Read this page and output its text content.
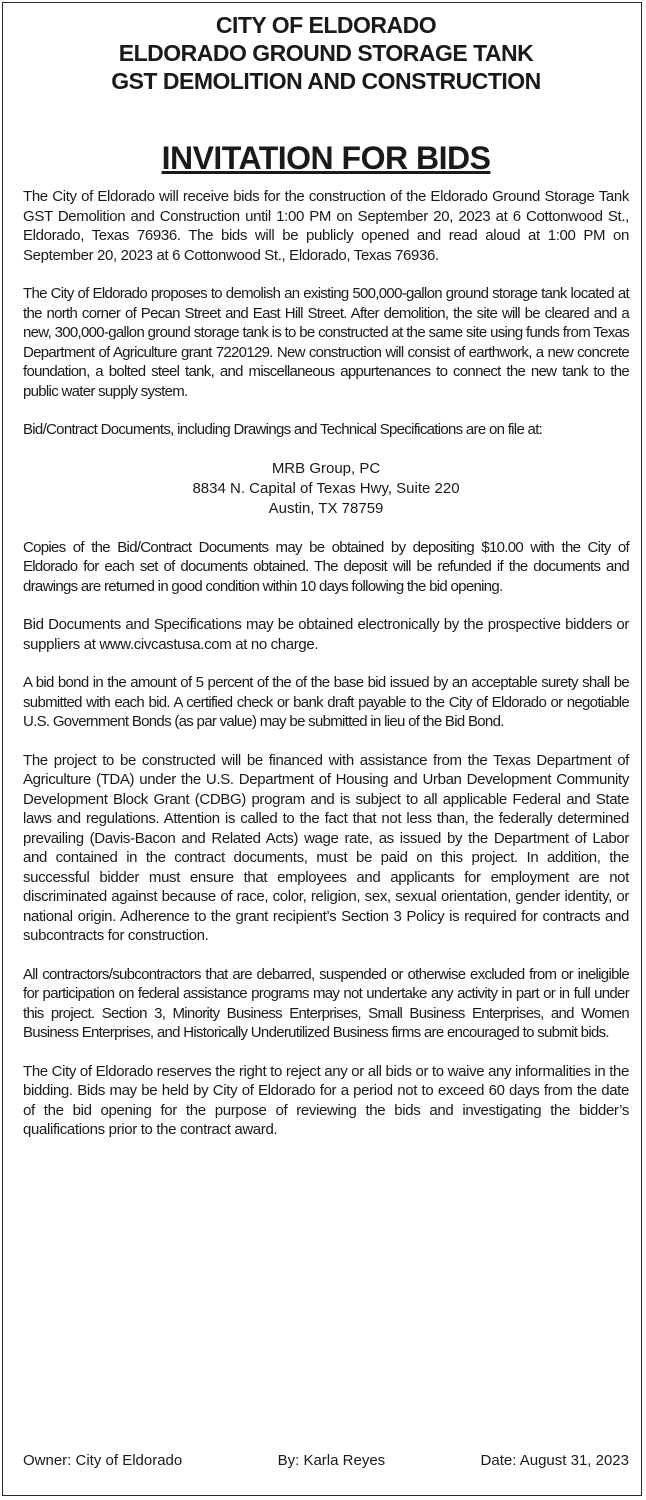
CITY OF ELDORADO
ELDORADO GROUND STORAGE TANK
GST DEMOLITION AND CONSTRUCTION
INVITATION FOR BIDS

The City of Eldorado will receive bids for the construction of the Eldorado Ground Storage Tank GST Demolition and Construction until 1:00 PM on September 20, 2023 at 6 Cottonwood St., Eldorado, Texas 76936. The bids will be publicly opened and read aloud at 1:00 PM on September 20, 2023 at 6 Cottonwood St., Eldorado, Texas 76936.

The City of Eldorado proposes to demolish an existing 500,000-gallon ground storage tank located at the north corner of Pecan Street and East Hill Street. After demolition, the site will be cleared and a new, 300,000-gallon ground storage tank is to be constructed at the same site using funds from Texas Department of Agriculture grant 7220129. New construction will consist of earthwork, a new concrete foundation, a bolted steel tank, and miscellaneous appurtenances to connect the new tank to the public water supply system.

Bid/Contract Documents, including Drawings and Technical Specifications are on file at:

MRB Group, PC
8834 N. Capital of Texas Hwy, Suite 220
Austin, TX 78759

Copies of the Bid/Contract Documents may be obtained by depositing $10.00 with the City of Eldorado for each set of documents obtained. The deposit will be refunded if the documents and drawings are returned in good condition within 10 days following the bid opening.

Bid Documents and Specifications may be obtained electronically by the prospective bidders or suppliers at www.civcastusa.com at no charge.

A bid bond in the amount of 5 percent of the of the base bid issued by an acceptable surety shall be submitted with each bid. A certified check or bank draft payable to the City of Eldorado or negotiable U.S. Government Bonds (as par value) may be submitted in lieu of the Bid Bond.

The project to be constructed will be financed with assistance from the Texas Department of Agriculture (TDA) under the U.S. Department of Housing and Urban Development Community Development Block Grant (CDBG) program and is subject to all applicable Federal and State laws and regulations. Attention is called to the fact that not less than, the federally determined prevailing (Davis-Bacon and Related Acts) wage rate, as issued by the Department of Labor and contained in the contract documents, must be paid on this project. In addition, the successful bidder must ensure that employees and applicants for employment are not discriminated against because of race, color, religion, sex, sexual orientation, gender identity, or national origin. Adherence to the grant recipient’s Section 3 Policy is required for contracts and subcontracts for construction.

All contractors/subcontractors that are debarred, suspended or otherwise excluded from or ineligible for participation on federal assistance programs may not undertake any activity in part or in full under this project. Section 3, Minority Business Enterprises, Small Business Enterprises, and Women Business Enterprises, and Historically Underutilized Business firms are encouraged to submit bids.

The City of Eldorado reserves the right to reject any or all bids or to waive any informalities in the bidding. Bids may be held by City of Eldorado for a period not to exceed 60 days from the date of the bid opening for the purpose of reviewing the bids and investigating the bidder’s qualifications prior to the contract award.

Owner: City of Eldorado	By: Karla Reyes	Date: August 31, 2023
